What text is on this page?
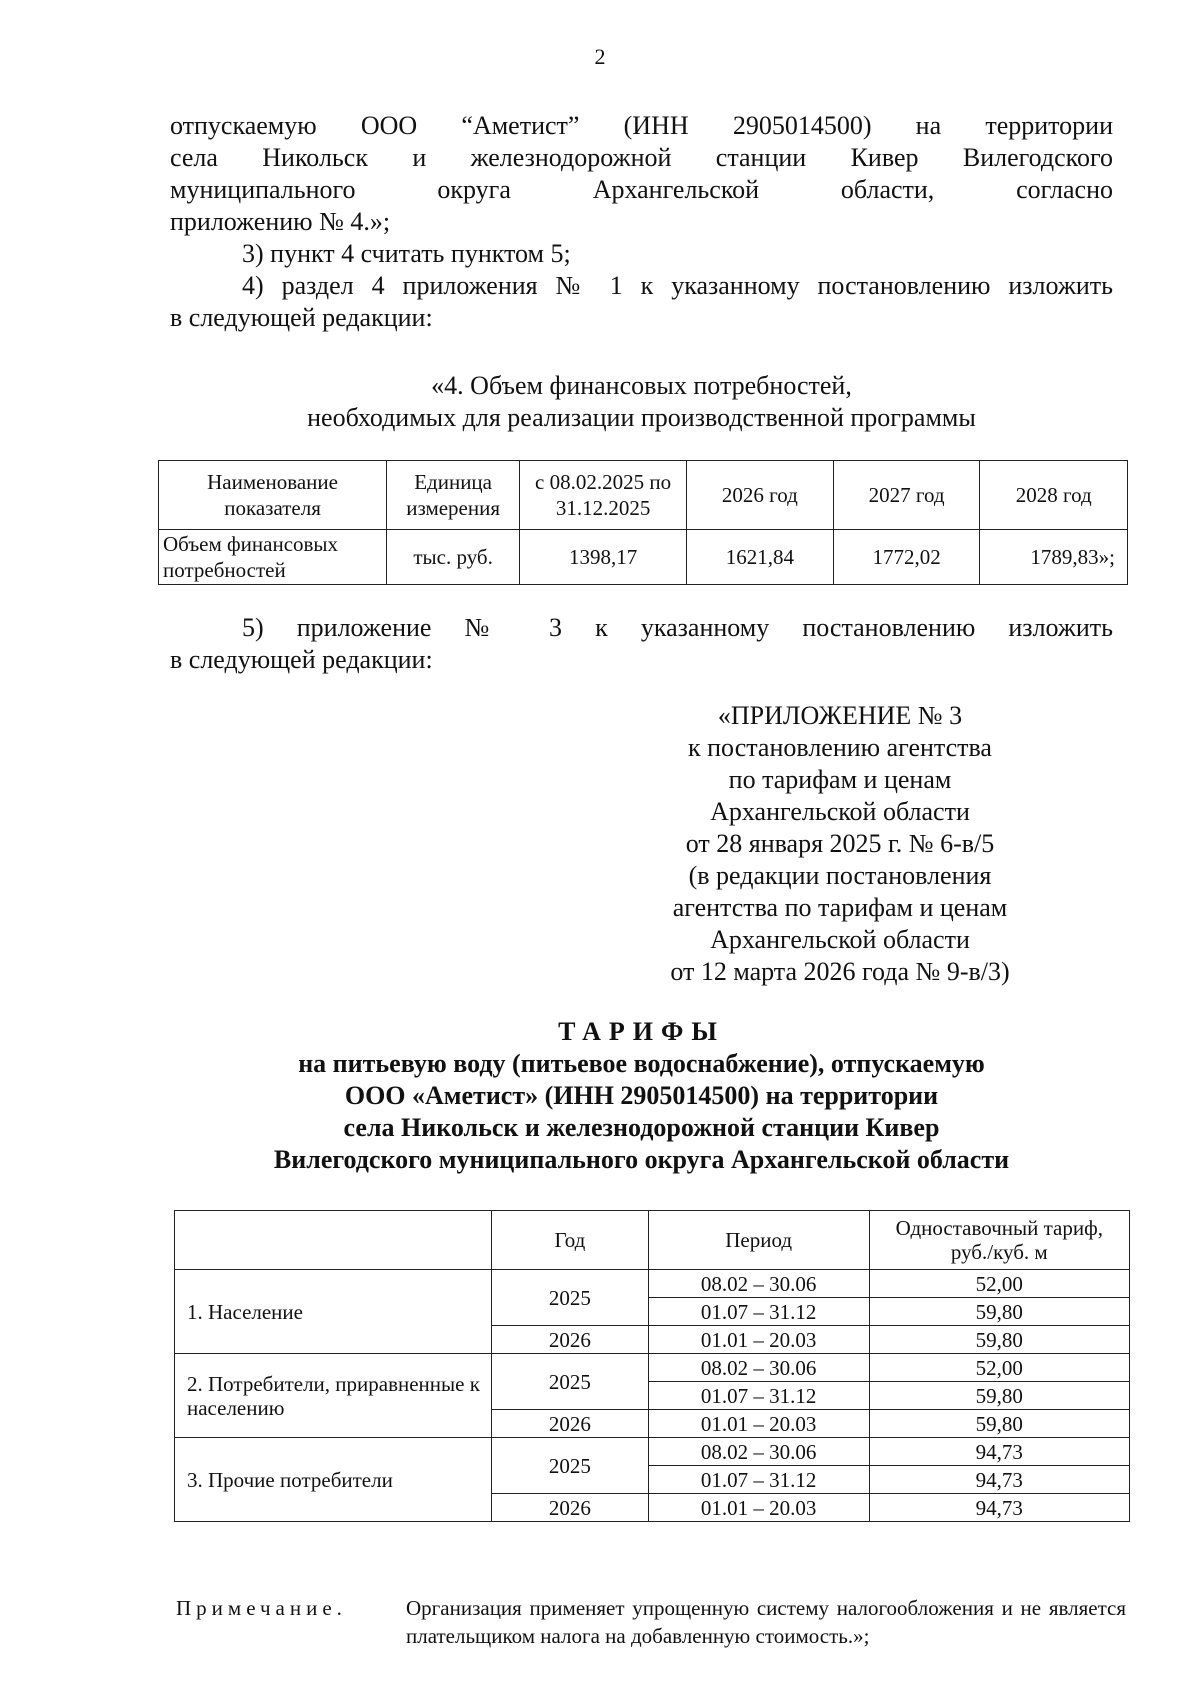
2
отпускаемую ООО “Аметист” (ИНН 2905014500) на территории
села Никольск и железнодорожной станции Кивер Вилегодского
муниципального округа Архангельской области, согласно
приложению № 4.»;
3) пункт 4 считать пунктом 5;
4) раздел 4 приложения № 1 к указанному постановлению изложить
в следующей редакции:
«4. Объем финансовых потребностей,
необходимых для реализации производственной программы
Наименование показателя	Единица измерения	с 08.02.2025 по 31.12.2025	2026 год	2027 год	2028 год
Объем финансовых потребностей	тыс. руб.	1398,17	1621,84	1772,02	1789,83»;
5) приложение № 3 к указанному постановлению изложить
в следующей редакции:
«ПРИЛОЖЕНИЕ № 3
к постановлению агентства
по тарифам и ценам
Архангельской области
от 28 января 2025 г. № 6-в/5
(в редакции постановления
агентства по тарифам и ценам
Архангельской области
от 12 марта 2026 года № 9-в/3)
ТАРИФЫ
на питьевую воду (питьевое водоснабжение), отпускаемую
ООО «Аметист» (ИНН 2905014500) на территории
села Никольск и железнодорожной станции Кивер
Вилегодского муниципального округа Архангельской области
	Год	Период	Одноставочный тариф, руб./куб. м
1. Население	2025	08.02 – 30.06	52,00
		01.07 – 31.12	59,80
	2026	01.01 – 20.03	59,80
2. Потребители, приравненные к населению	2025	08.02 – 30.06	52,00
		01.07 – 31.12	59,80
	2026	01.01 – 20.03	59,80
3. Прочие потребители	2025	08.02 – 30.06	94,73
		01.07 – 31.12	94,73
	2026	01.01 – 20.03	94,73
Примечание.	Организация применяет упрощенную систему налогообложения и не является плательщиком налога на добавленную стоимость.»;
